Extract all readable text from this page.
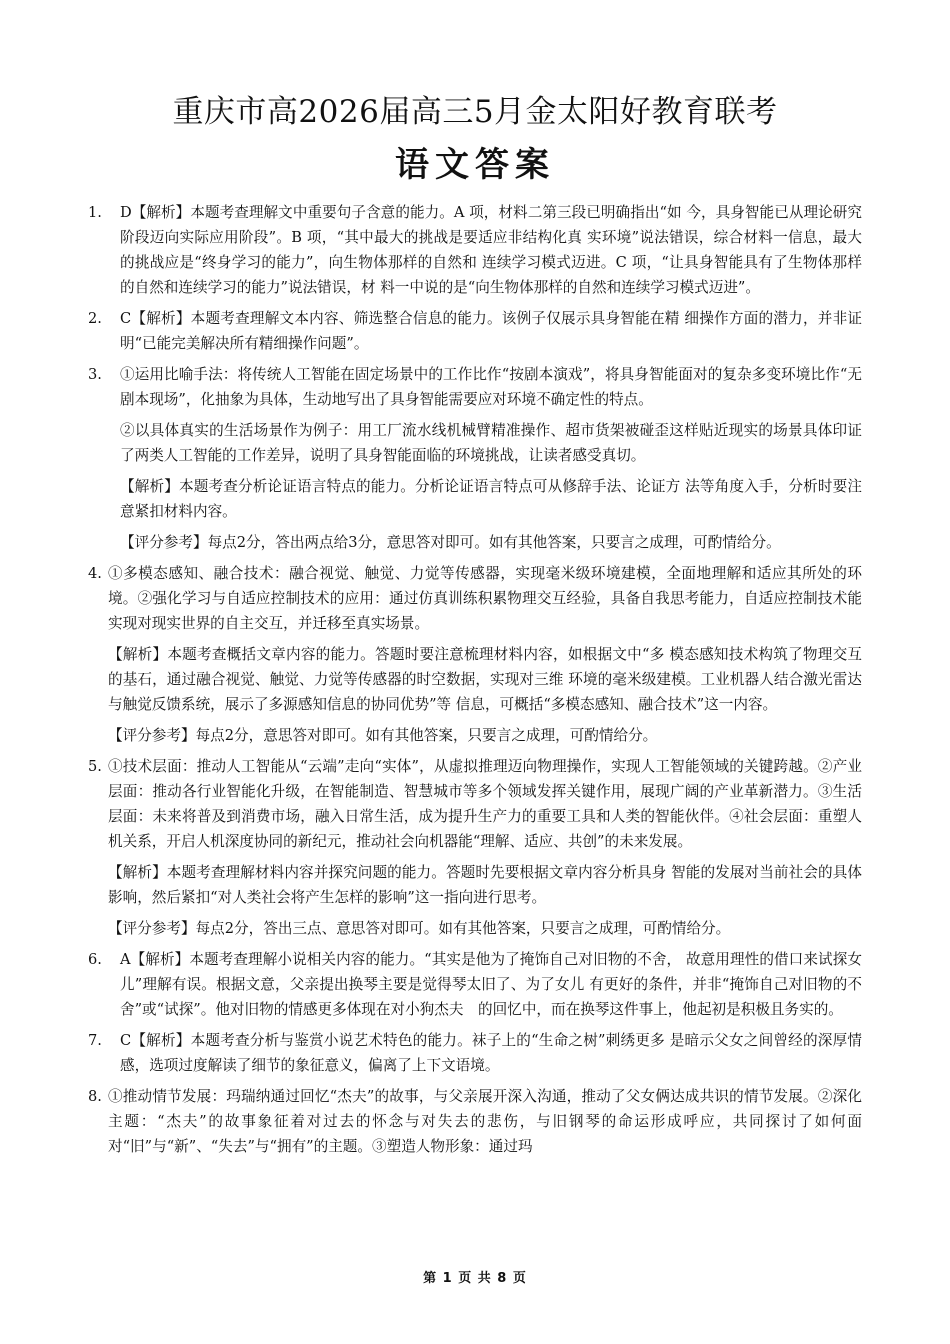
重庆市高2026届高三5月金太阳好教育联考
语文答案
1.	D【解析】本题考查理解文中重要句子含意的能力。A 项，材料二第三段已明确指出“如 今，具身智能已从理论研究阶段迈向实际应用阶段”。B 项，“其中最大的挑战是要适应非结构化真 实环境”说法错误，综合材料一信息，最大的挑战应是“终身学习的能力”，向生物体那样的自然和 连续学习模式迈进。C 项，“让具身智能具有了生物体那样的自然和连续学习的能力”说法错误，材 料一中说的是“向生物体那样的自然和连续学习模式迈进”。

2.	C【解析】本题考查理解文本内容、筛选整合信息的能力。该例子仅展示具身智能在精 细操作方面的潜力，并非证明“已能完美解决所有精细操作问题”。

3.	①运用比喻手法：将传统人工智能在固定场景中的工作比作“按剧本演戏”，将具身智能面对的复杂多变环境比作“无剧本现场”，化抽象为具体，生动地写出了具身智能需要应对环境不确定性的特点。

②以具体真实的生活场景作为例子：用工厂流水线机械臂精准操作、超市货架被碰歪这样贴近现实的场景具体印证了两类人工智能的工作差异，说明了具身智能面临的环境挑战，让读者感受真切。

【解析】本题考查分析论证语言特点的能力。分析论证语言特点可从修辞手法、论证方 法等角度入手，分析时要注意紧扣材料内容。

【评分参考】每点2分，答出两点给3分，意思答对即可。如有其他答案，只要言之成理，可酌情给分。

4. ①多模态感知、融合技术：融合视觉、触觉、力觉等传感器，实现毫米级环境建模，全面地理解和适应其所处的环境。②强化学习与自适应控制技术的应用：通过仿真训练积累物理交互经验，具备自我思考能力，自适应控制技术能实现对现实世界的自主交互，并迁移至真实场景。

【解析】本题考查概括文章内容的能力。答题时要注意梳理材料内容，如根据文中“多 模态感知技术构筑了物理交互的基石，通过融合视觉、触觉、力觉等传感器的时空数据，实现对三维 环境的毫米级建模。工业机器人结合激光雷达与触觉反馈系统，展示了多源感知信息的协同优势”等 信息，可概括“多模态感知、融合技术”这一内容。

【评分参考】每点2分，意思答对即可。如有其他答案，只要言之成理，可酌情给分。

5. ①技术层面：推动人工智能从“云端”走向“实体”，从虚拟推理迈向物理操作，实现人工智能领域的关键跨越。②产业层面：推动各行业智能化升级，在智能制造、智慧城市等多个领域发挥关键作用，展现广阔的产业革新潜力。③生活层面：未来将普及到消费市场，融入日常生活，成为提升生产力的重要工具和人类的智能伙伴。④社会层面：重塑人机关系，开启人机深度协同的新纪元，推动社会向机器能“理解、适应、共创”的未来发展。

【解析】本题考查理解材料内容并探究问题的能力。答题时先要根据文章内容分析具身 智能的发展对当前社会的具体影响，然后紧扣“对人类社会将产生怎样的影响”这一指向进行思考。

【评分参考】每点2分，答出三点、意思答对即可。如有其他答案，只要言之成理，可酌情给分。

6.	A【解析】本题考查理解小说相关内容的能力。“其实是他为了掩饰自己对旧物的不舍， 故意用理性的借口来试探女儿”理解有误。根据文意，父亲提出换琴主要是觉得琴太旧了、为了女儿 有更好的条件，并非“掩饰自己对旧物的不舍”或“试探”。他对旧物的情感更多体现在对小狗杰夫　的回忆中，而在换琴这件事上，他起初是积极且务实的。

7.	C【解析】本题考查分析与鉴赏小说艺术特色的能力。袜子上的“生命之树”刺绣更多 是暗示父女之间曾经的深厚情感，选项过度解读了细节的象征意义，偏离了上下文语境。

8. ①推动情节发展：玛瑞纳通过回忆“杰夫”的故事，与父亲展开深入沟通，推动了父女俩达成共识的情节发展。②深化主题：“杰夫”的故事象征着对过去的怀念与对失去的悲伤，与旧钢琴的命运形成呼应，共同探讨了如何面对“旧”与“新”、“失去”与“拥有”的主题。③塑造人物形象：通过玛

第 1 页 共 8 页
